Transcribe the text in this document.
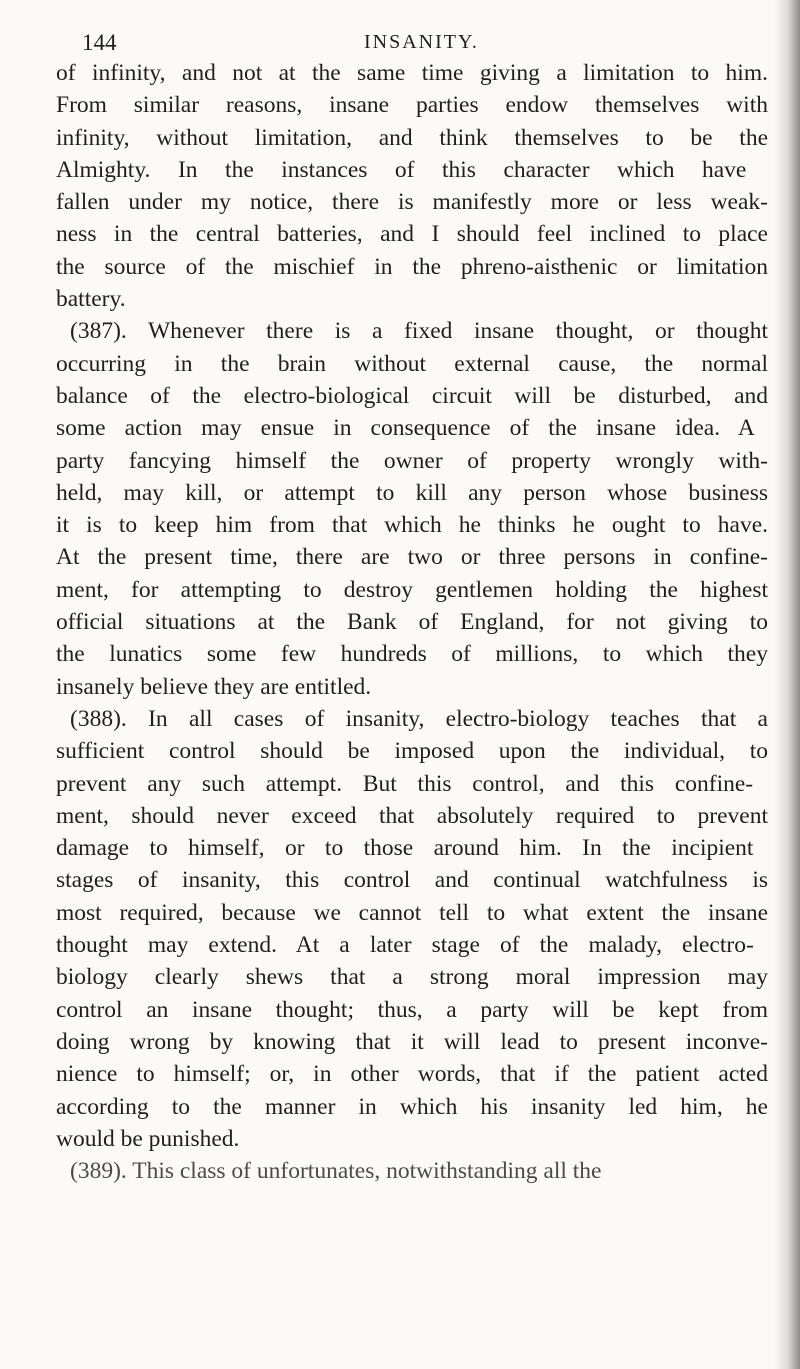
144	INSANITY.
of infinity, and not at the same time giving a limitation to him.
From similar reasons, insane parties endow themselves with
infinity, without limitation, and think themselves to be the
Almighty. In the instances of this character which have
fallen under my notice, there is manifestly more or less weak-
ness in the central batteries, and I should feel inclined to place
the source of the mischief in the phreno-aisthenic or limitation
battery.
(387). Whenever there is a fixed insane thought, or thought
occurring in the brain without external cause, the normal
balance of the electro-biological circuit will be disturbed, and
some action may ensue in consequence of the insane idea. A
party fancying himself the owner of property wrongly with-
held, may kill, or attempt to kill any person whose business
it is to keep him from that which he thinks he ought to have.
At the present time, there are two or three persons in confine-
ment, for attempting to destroy gentlemen holding the highest
official situations at the Bank of England, for not giving to
the lunatics some few hundreds of millions, to which they
insanely believe they are entitled.
(388). In all cases of insanity, electro-biology teaches that a
sufficient control should be imposed upon the individual, to
prevent any such attempt. But this control, and this confine-
ment, should never exceed that absolutely required to prevent
damage to himself, or to those around him. In the incipient
stages of insanity, this control and continual watchfulness is
most required, because we cannot tell to what extent the insane
thought may extend. At a later stage of the malady, electro-
biology clearly shews that a strong moral impression may
control an insane thought; thus, a party will be kept from
doing wrong by knowing that it will lead to present inconve-
nience to himself; or, in other words, that if the patient acted
according to the manner in which his insanity led him, he
would be punished.
(389). This class of unfortunates, notwithstanding all the
